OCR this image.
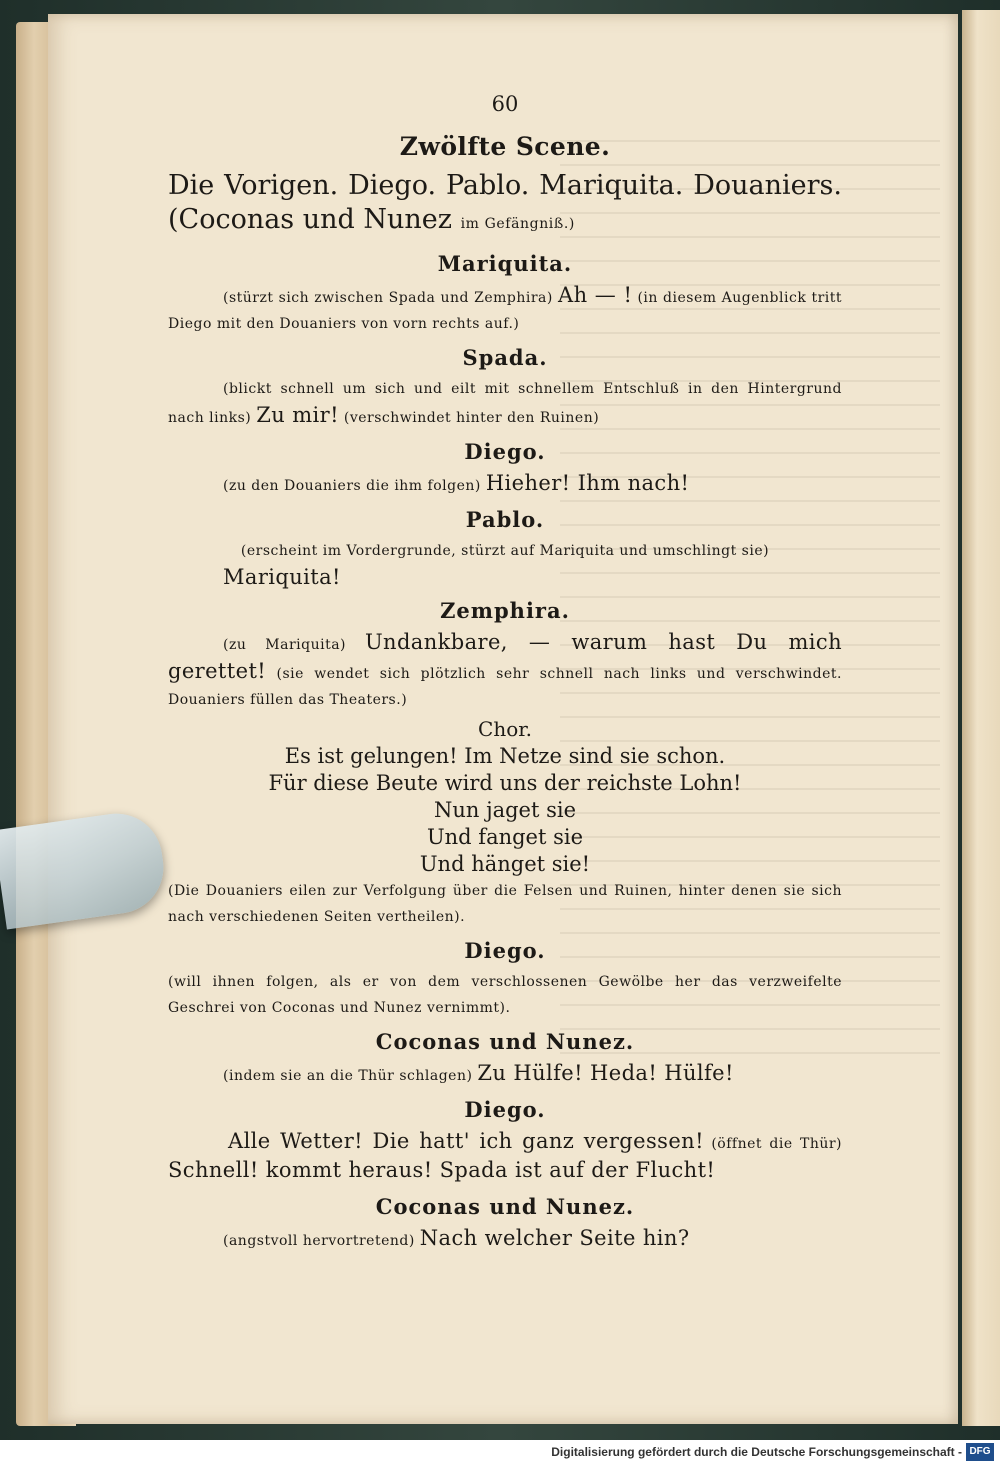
60
Zwölfte Scene.
Die Vorigen. Diego. Pablo. Mariquita. Douaniers. (Coconas und Nunez im Gefängniß.)
Mariquita.
(stürzt sich zwischen Spada und Zemphira) Ah — ! (in diesem Augenblick tritt Diego mit den Douaniers von vorn rechts auf.)
Spada.
(blickt schnell um sich und eilt mit schnellem Entschluß in den Hintergrund nach links) Zu mir! (verschwindet hinter den Ruinen)
Diego.
(zu den Douaniers die ihm folgen) Hieher! Ihm nach!
Pablo.
(erscheint im Vordergrunde, stürzt auf Mariquita und umschlingt sie)
Mariquita!
Zemphira.
(zu Mariquita) Undankbare, — warum hast Du mich gerettet! (sie wendet sich plötzlich sehr schnell nach links und verschwindet. Douaniers füllen das Theaters.)
Chor.
Es ist gelungen! Im Netze sind sie schon.
Für diese Beute wird uns der reichste Lohn!
Nun jaget sie
Und fanget sie
Und hänget sie!
(Die Douaniers eilen zur Verfolgung über die Felsen und Ruinen, hinter denen sie sich nach verschiedenen Seiten vertheilen).
Diego.
(will ihnen folgen, als er von dem verschlossenen Gewölbe her das verzweifelte Geschrei von Coconas und Nunez vernimmt).
Coconas und Nunez.
(indem sie an die Thür schlagen) Zu Hülfe! Heda! Hülfe!
Diego.
Alle Wetter! Die hatt' ich ganz vergessen! (öffnet die Thür) Schnell! kommt heraus! Spada ist auf der Flucht!
Coconas und Nunez.
(angstvoll hervortretend) Nach welcher Seite hin?
Digitalisierung gefördert durch die Deutsche Forschungsgemeinschaft - DFG
